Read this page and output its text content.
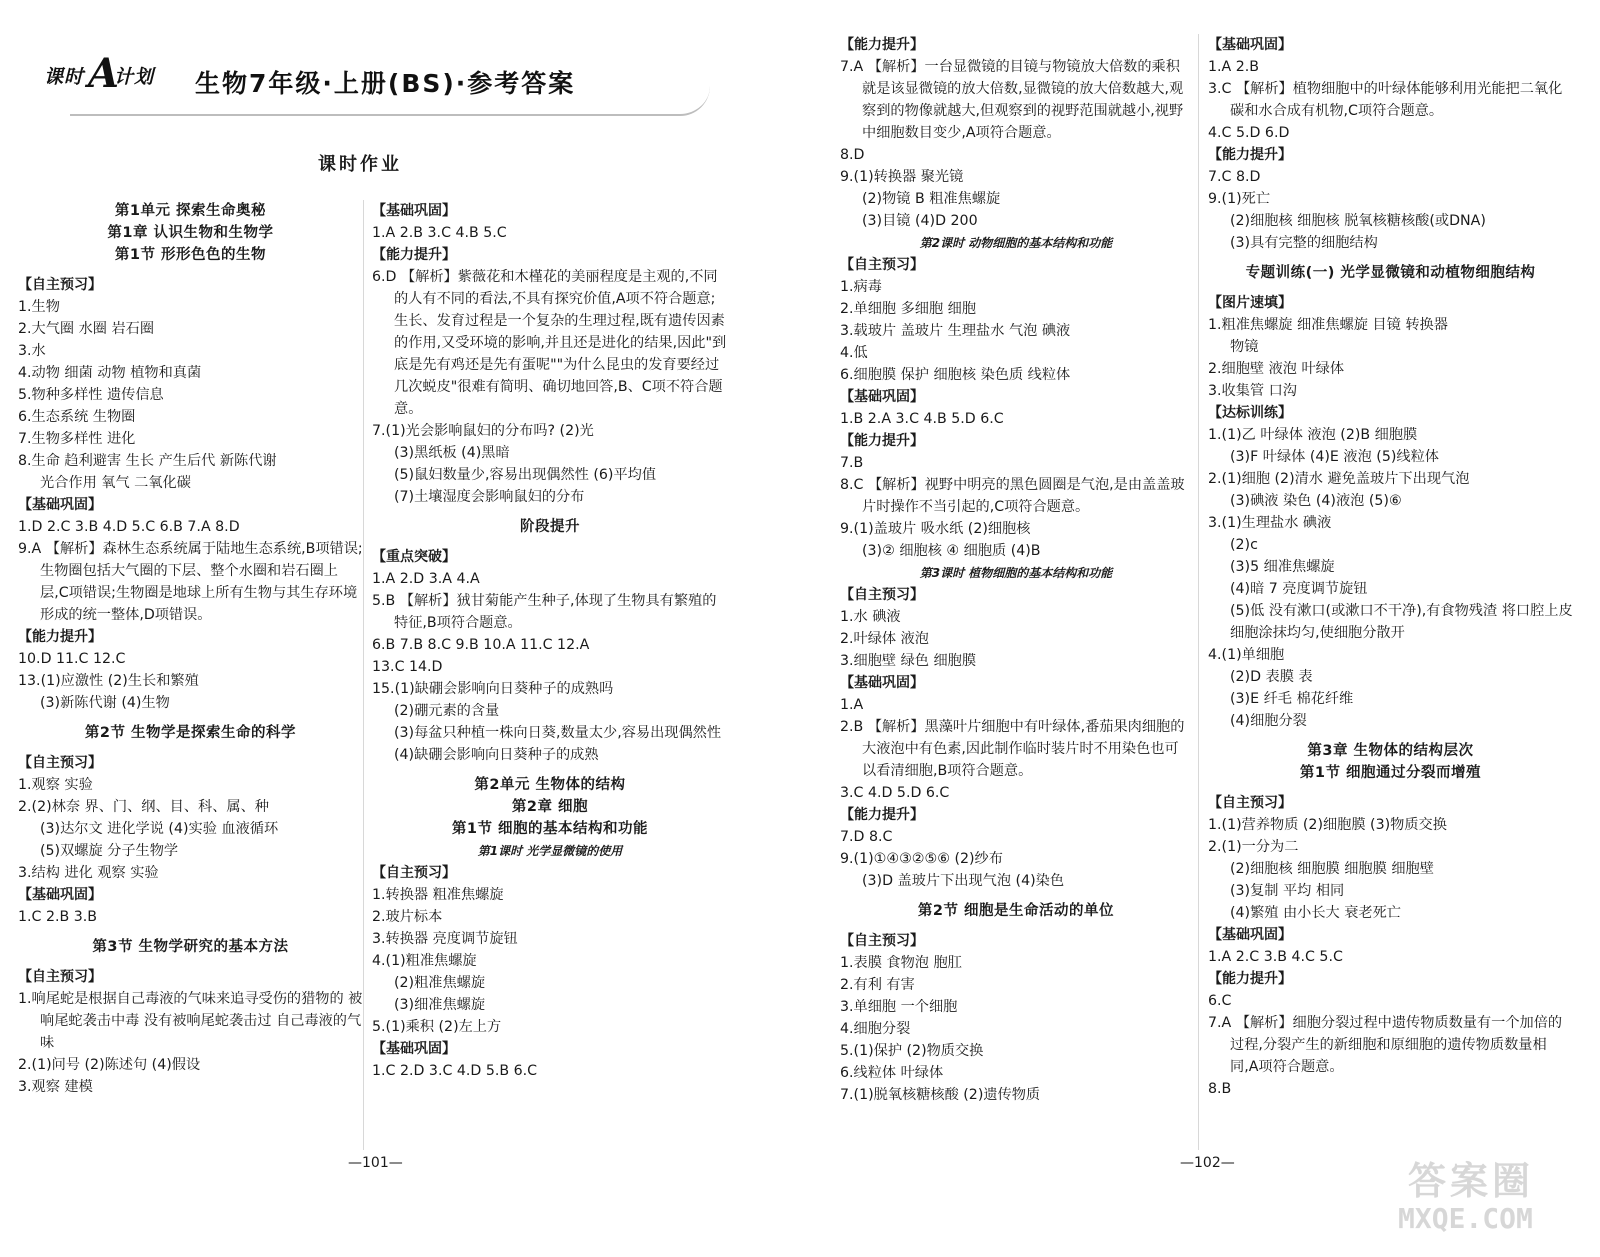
课时 计划
A	生物7年级·上册(BS)·参考答案
课时作业
第1单元 探索生命奥秘
第1章 认识生物和生物学
第1节 形形色色的生物
【自主预习】
1.生物
2.大气圈 水圈 岩石圈
3.水
4.动物 细菌 动物 植物和真菌
5.物种多样性 遗传信息
6.生态系统 生物圈
7.生物多样性 进化
8.生命 趋利避害 生长 产生后代 新陈代谢
光合作用 氧气 二氧化碳
【基础巩固】
1.D 2.C 3.B 4.D 5.C 6.B 7.A 8.D
9.A 【解析】森林生态系统属于陆地生态系统,B项错误;生物圈包括大气圈的下层、整个水圈和岩石圈上层,C项错误;生物圈是地球上所有生物与其生存环境形成的统一整体,D项错误。
【能力提升】
10.D 11.C 12.C
13.(1)应激性 (2)生长和繁殖
(3)新陈代谢 (4)生物
第2节 生物学是探索生命的科学
【自主预习】
1.观察 实验
2.(2)林奈 界、门、纲、目、科、属、种
(3)达尔文 进化学说 (4)实验 血液循环
(5)双螺旋 分子生物学
3.结构 进化 观察 实验
【基础巩固】
1.C 2.B 3.B
第3节 生物学研究的基本方法
【自主预习】
1.响尾蛇是根据自己毒液的气味来追寻受伤的猎物的 被响尾蛇袭击中毒 没有被响尾蛇袭击过 自己毒液的气味
2.(1)问号 (2)陈述句 (4)假设
3.观察 建模
【基础巩固】
1.A 2.B 3.C 4.B 5.C
【能力提升】
6.D 【解析】紫薇花和木槿花的美丽程度是主观的,不同的人有不同的看法,不具有探究价值,A项不符合题意;生长、发育过程是一个复杂的生理过程,既有遗传因素的作用,又受环境的影响,并且还是进化的结果,因此"到底是先有鸡还是先有蛋呢""为什么昆虫的发育要经过几次蜕皮"很难有简明、确切地回答,B、C项不符合题意。
7.(1)光会影响鼠妇的分布吗? (2)光
(3)黑纸板 (4)黑暗
(5)鼠妇数量少,容易出现偶然性 (6)平均值
(7)土壤湿度会影响鼠妇的分布
阶段提升
【重点突破】
1.A 2.D 3.A 4.A
5.B 【解析】狨甘菊能产生种子,体现了生物具有繁殖的特征,B项符合题意。
6.B 7.B 8.C 9.B 10.A 11.C 12.A
13.C 14.D
15.(1)缺硼会影响向日葵种子的成熟吗
(2)硼元素的含量
(3)每盆只种植一株向日葵,数量太少,容易出现偶然性
(4)缺硼会影响向日葵种子的成熟
第2单元 生物体的结构
第2章 细胞
第1节 细胞的基本结构和功能
第1课时 光学显微镜的使用
【自主预习】
1.转换器 粗准焦螺旋
2.玻片标本
3.转换器 亮度调节旋钮
4.(1)粗准焦螺旋
(2)粗准焦螺旋
(3)细准焦螺旋
5.(1)乘积 (2)左上方
【基础巩固】
1.C 2.D 3.C 4.D 5.B 6.C
【能力提升】
7.A 【解析】一台显微镜的目镜与物镜放大倍数的乘积就是该显微镜的放大倍数,显微镜的放大倍数越大,观察到的物像就越大,但观察到的视野范围就越小,视野中细胞数目变少,A项符合题意。
8.D
9.(1)转换器 聚光镜
(2)物镜 B 粗准焦螺旋
(3)目镜 (4)D 200
第2课时 动物细胞的基本结构和功能
【自主预习】
1.病毒
2.单细胞 多细胞 细胞
3.载玻片 盖玻片 生理盐水 气泡 碘液
4.低
6.细胞膜 保护 细胞核 染色质 线粒体
【基础巩固】
1.B 2.A 3.C 4.B 5.D 6.C
【能力提升】
7.B
8.C 【解析】视野中明亮的黑色圆圈是气泡,是由盖盖玻片时操作不当引起的,C项符合题意。
9.(1)盖玻片 吸水纸 (2)细胞核
(3)② 细胞核 ④ 细胞质 (4)B
第3课时 植物细胞的基本结构和功能
【自主预习】
1.水 碘液
2.叶绿体 液泡
3.细胞壁 绿色 细胞膜
【基础巩固】
1.A
2.B 【解析】黑藻叶片细胞中有叶绿体,番茄果肉细胞的大液泡中有色素,因此制作临时装片时不用染色也可以看清细胞,B项符合题意。
3.C 4.D 5.D 6.C
【能力提升】
7.D 8.C
9.(1)①④③②⑤⑥ (2)纱布
(3)D 盖玻片下出现气泡 (4)染色
第2节 细胞是生命活动的单位
【自主预习】
1.表膜 食物泡 胞肛
2.有利 有害
3.单细胞 一个细胞
4.细胞分裂
5.(1)保护 (2)物质交换
6.线粒体 叶绿体
7.(1)脱氧核糖核酸 (2)遗传物质
【基础巩固】
1.A 2.B
3.C 【解析】植物细胞中的叶绿体能够利用光能把二氧化碳和水合成有机物,C项符合题意。
4.C 5.D 6.D
【能力提升】
7.C 8.D
9.(1)死亡
(2)细胞核 细胞核 脱氧核糖核酸(或DNA)
(3)具有完整的细胞结构
专题训练(一) 光学显微镜和动植物细胞结构
【图片速填】
1.粗准焦螺旋 细准焦螺旋 目镜 转换器
物镜
2.细胞壁 液泡 叶绿体
3.收集管 口沟
【达标训练】
1.(1)乙 叶绿体 液泡 (2)B 细胞膜
(3)F 叶绿体 (4)E 液泡 (5)线粒体
2.(1)细胞 (2)清水 避免盖玻片下出现气泡
(3)碘液 染色 (4)液泡 (5)⑥
3.(1)生理盐水 碘液
(2)c
(3)5 细准焦螺旋
(4)暗 7 亮度调节旋钮
(5)低 没有漱口(或漱口不干净),有食物残渣 将口腔上皮细胞涂抹均匀,使细胞分散开
4.(1)单细胞
(2)D 表膜 表
(3)E 纤毛 棉花纤维
(4)细胞分裂
第3章 生物体的结构层次
第1节 细胞通过分裂而增殖
【自主预习】
1.(1)营养物质 (2)细胞膜 (3)物质交换
2.(1)一分为二
(2)细胞核 细胞膜 细胞膜 细胞壁
(3)复制 平均 相同
(4)繁殖 由小长大 衰老死亡
【基础巩固】
1.A 2.C 3.B 4.C 5.C
【能力提升】
6.C
7.A 【解析】细胞分裂过程中遗传物质数量有一个加倍的过程,分裂产生的新细胞和原细胞的遗传物质数量相同,A项符合题意。
8.B
—101—	—102—	答案圈
MXQE.COM
